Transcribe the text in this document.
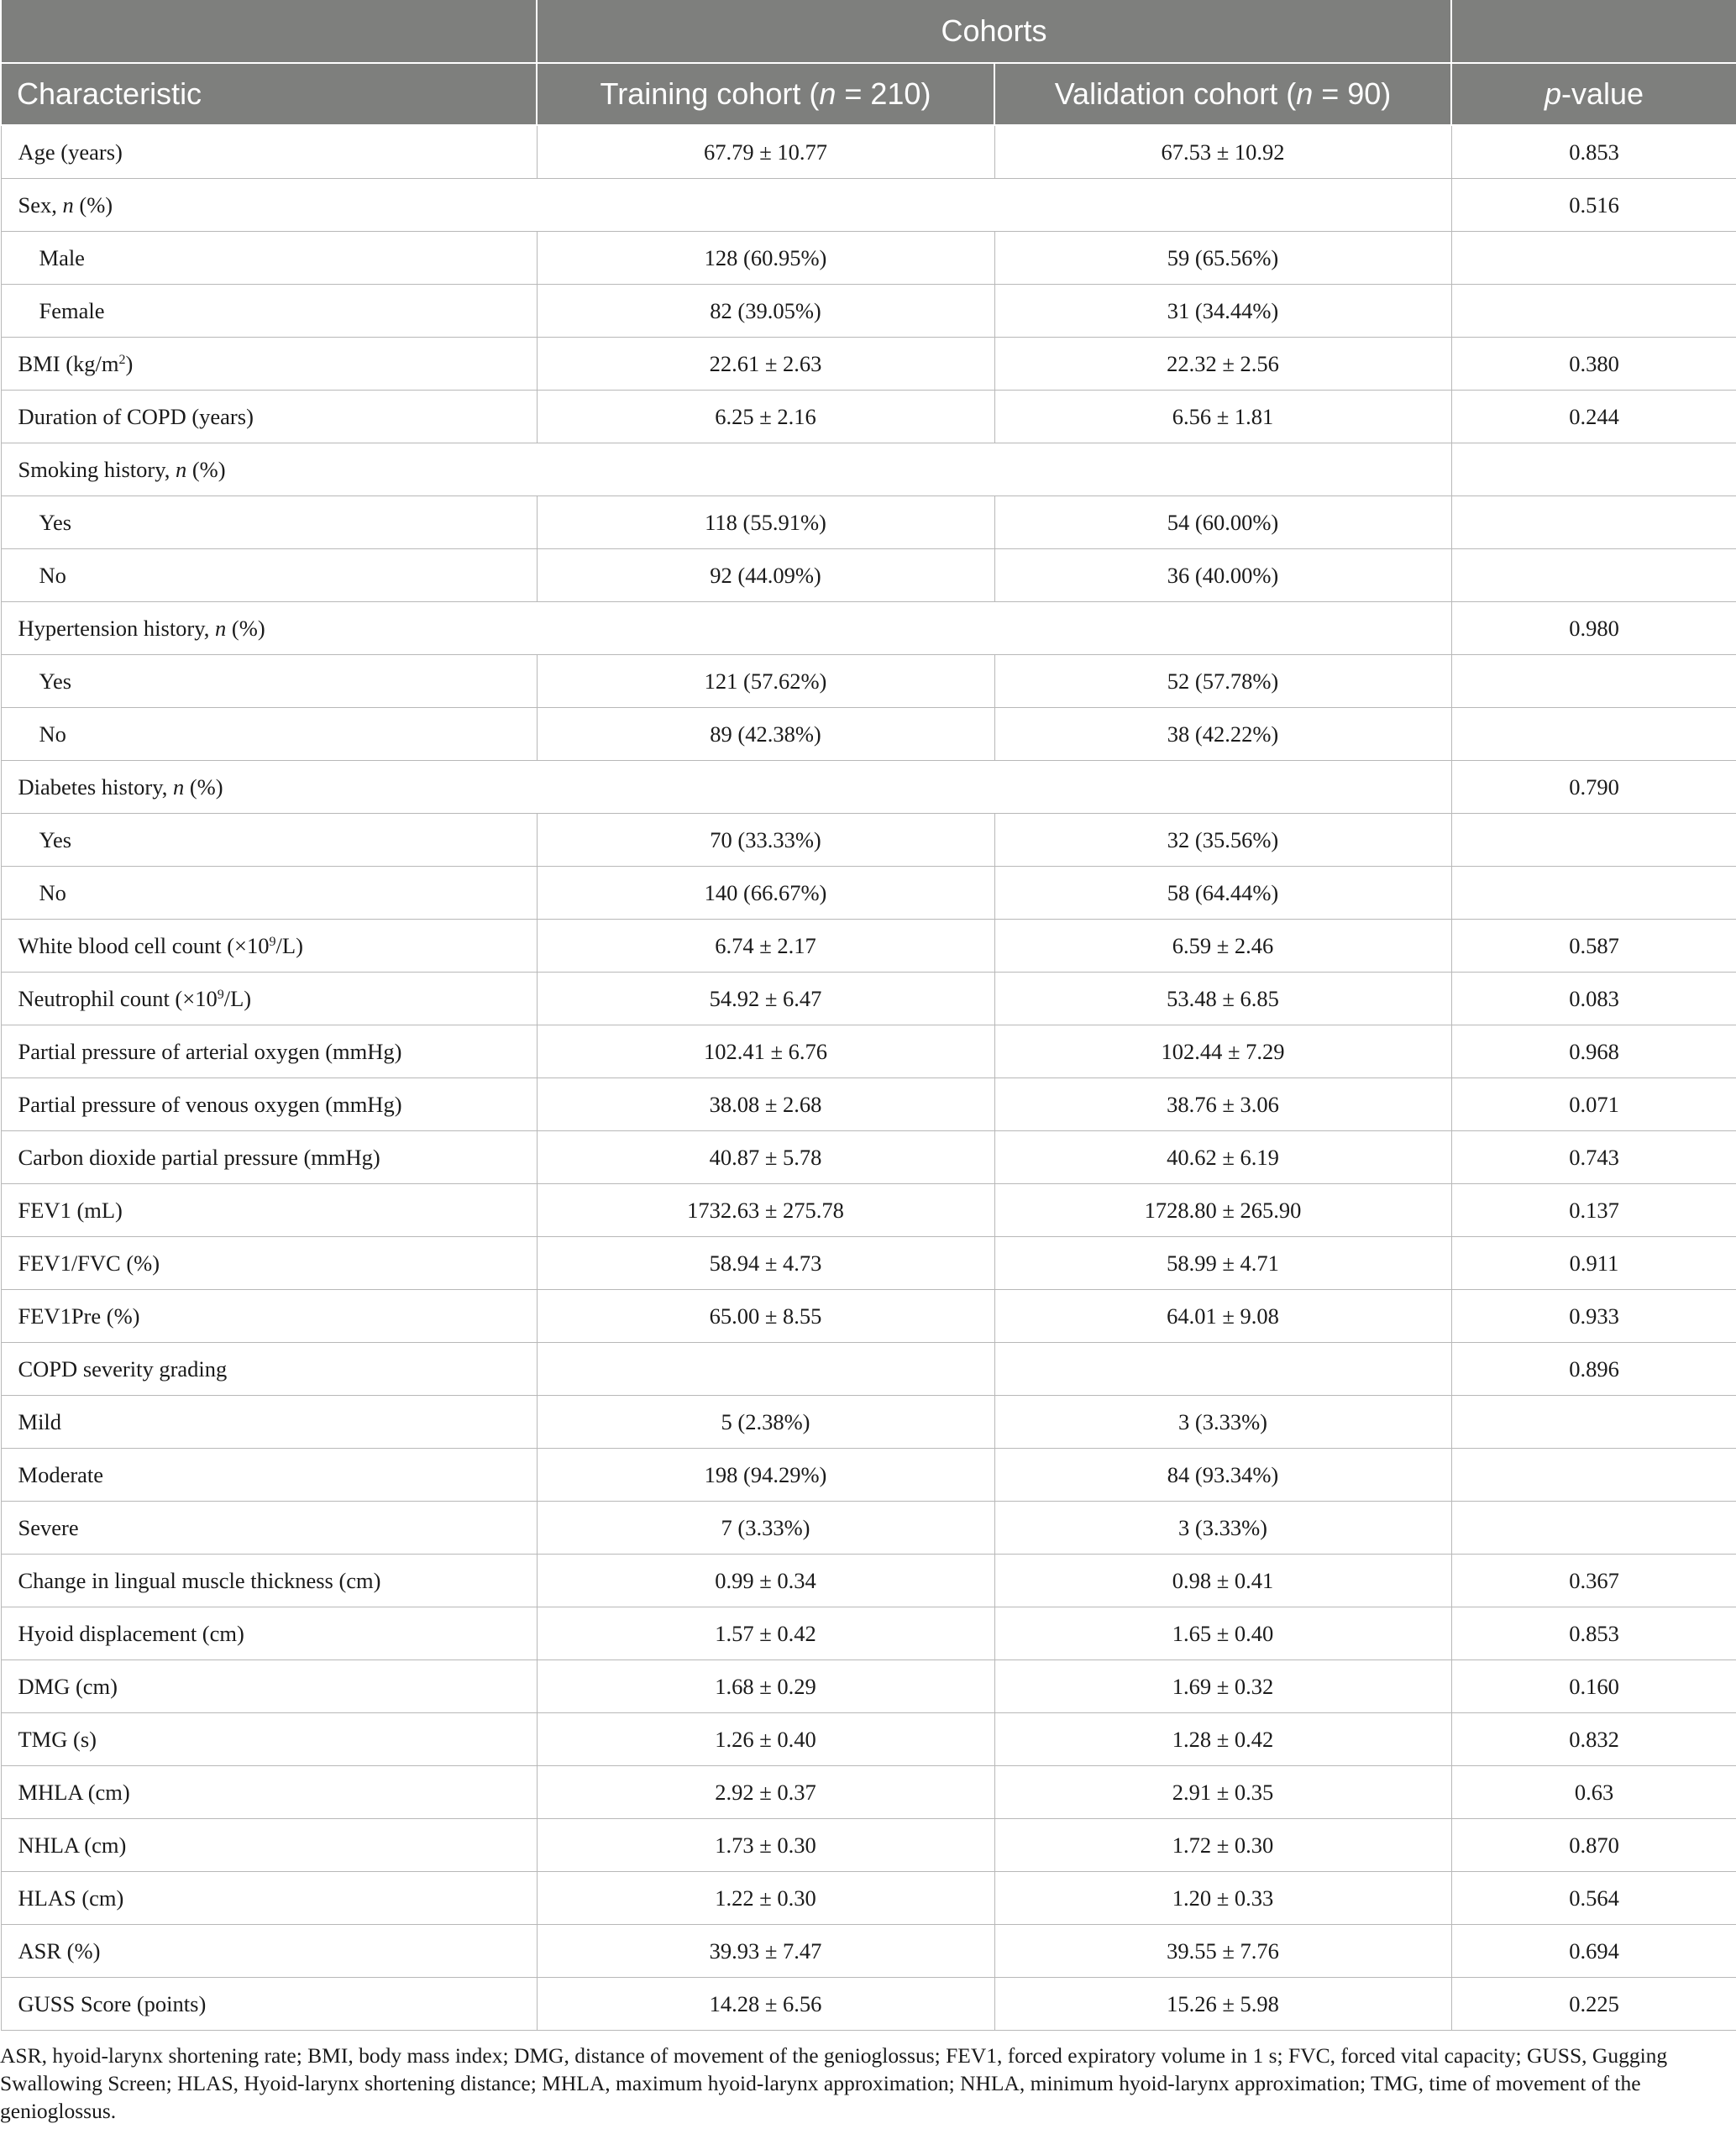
	Cohorts		
Characteristic	Training cohort (n = 210)	Validation cohort (n = 90)	p-value
Age (years)	67.79 ± 10.77	67.53 ± 10.92	0.853
Sex, n (%)			0.516
Male	128 (60.95%)	59 (65.56%)	
Female	82 (39.05%)	31 (34.44%)	
BMI $(kg/m^2)$	22.61 ± 2.63	22.32 ± 2.56	0.380
Duration of COPD (years)	6.25 ± 2.16	6.56 ± 1.81	0.244
Smoking history, n (%)			
Yes	118 (55.91%)	54 (60.00%)	
No	92 (44.09%)	36 (40.00%)	
Hypertension history, n (%)			0.980
Yes	121 (57.62%)	52 (57.78%)	
No	89 (42.38%)	38 (42.22%)	
Diabetes history, n (%)			0.790
Yes	70 (33.33%)	32 (35.56%)	
No	140 (66.67%)	58 (64.44%)	
White blood cell count $(\times 10^9/L)$	6.74 ± 2.17	6.59 ± 2.46	0.587
Neutrophil count $(\times 10^9/L)$	54.92 ± 6.47	53.48 ± 6.85	0.083
Partial pressure of arterial oxygen (mmHg)	102.41 ± 6.76	102.44 ± 7.29	0.968
Partial pressure of venous oxygen (mmHg)	38.08 ± 2.68	38.76 ± 3.06	0.071
Carbon dioxide partial pressure (mmHg)	40.87 ± 5.78	40.62 ± 6.19	0.743
FEV1 (mL)	1732.63 ± 275.78	1728.80 ± 265.90	0.137
FEV1/FVC (%)	58.94 ± 4.73	58.99 ± 4.71	0.911
FEV1Pre (%)	65.00 ± 8.55	64.01 ± 9.08	0.933
COPD severity grading			0.896
Mild	5 (2.38%)	3 (3.33%)	
Moderate	198 (94.29%)	84 (93.34%)	
Severe	7 (3.33%)	3 (3.33%)	
Change in lingual muscle thickness (cm)	0.99 ± 0.34	0.98 ± 0.41	0.367
Hyoid displacement (cm)	1.57 ± 0.42	1.65 ± 0.40	0.853
DMG (cm)	1.68 ± 0.29	1.69 ± 0.32	0.160
TMG (s)	1.26 ± 0.40	1.28 ± 0.42	0.832
MHLA (cm)	2.92 ± 0.37	2.91 ± 0.35	0.63
NHLA (cm)	1.73 ± 0.30	1.72 ± 0.30	0.870
HLAS (cm)	1.22 ± 0.30	1.20 ± 0.33	0.564
ASR (%)	39.93 ± 7.47	39.55 ± 7.76	0.694
GUSS Score (points)	14.28 ± 6.56	15.26 ± 5.98	0.225
ASR, hyoid-larynx shortening rate; BMI, body mass index; DMG, distance of movement of the genioglossus; FEV1, forced expiratory volume in 1 s; FVC, forced vital capacity; GUSS, Gugging
Swallowing Screen; HLAS, Hyoid-larynx shortening distance; MHLA, maximum hyoid-larynx approximation; NHLA, minimum hyoid-larynx approximation; TMG, time of movement of the
genioglossus.
